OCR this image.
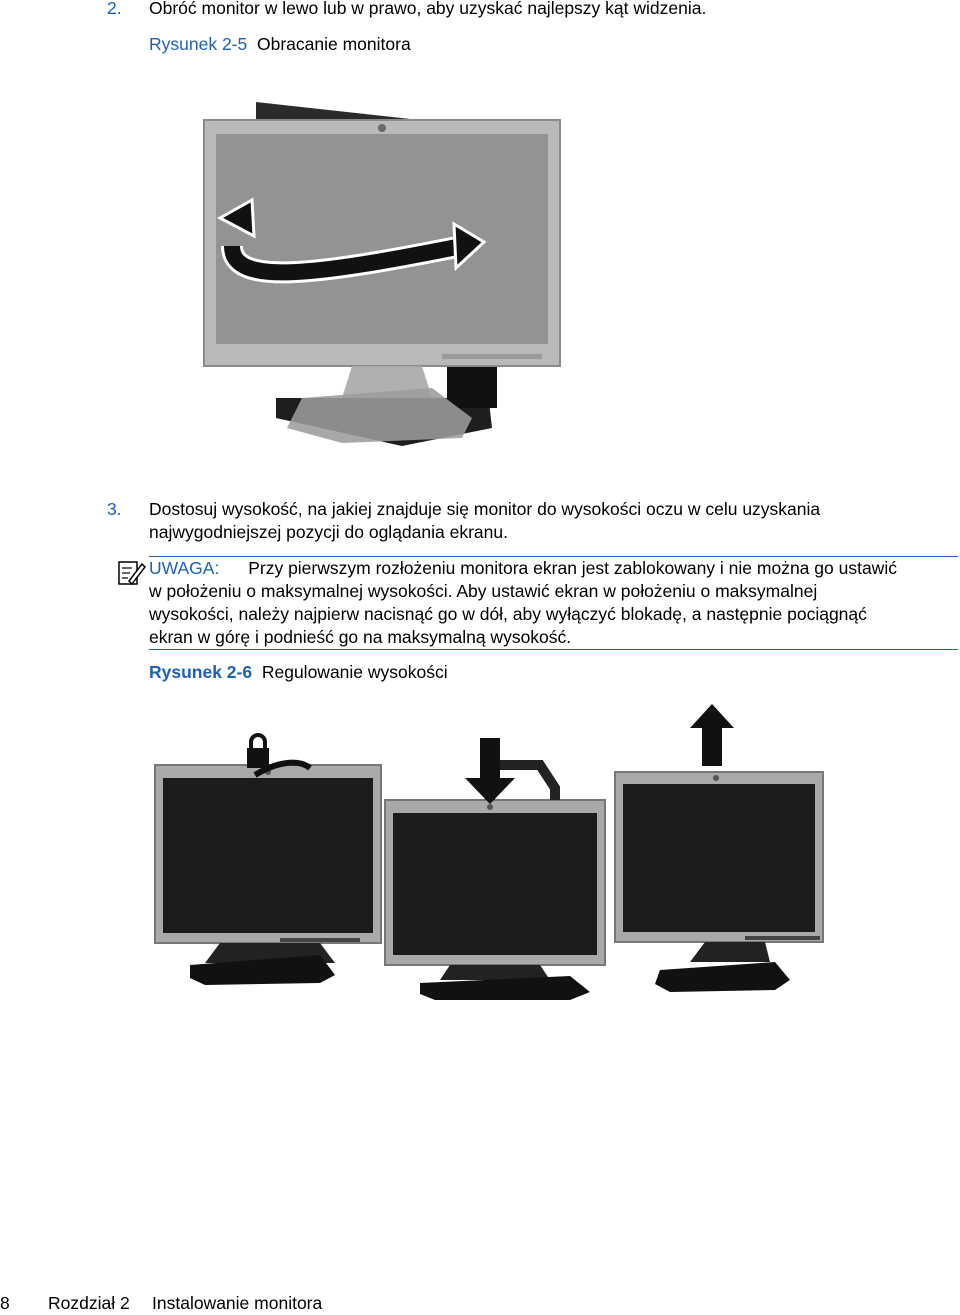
2. Obróć monitor w lewo lub w prawo, aby uzyskać najlepszy kąt widzenia.
Rysunek 2-5 Obracanie monitora
3. Dostosuj wysokość, na jakiej znajduje się monitor do wysokości oczu w celu uzyskania
najwygodniejszej pozycji do oglądania ekranu.
UWAGA: Przy pierwszym rozłożeniu monitora ekran jest zablokowany i nie można go ustawić
w położeniu o maksymalnej wysokości. Aby ustawić ekran w położeniu o maksymalnej
wysokości, należy najpierw nacisnąć go w dół, aby wyłączyć blokadę, a następnie pociągnąć
ekran w górę i podnieść go na maksymalną wysokość.
Rysunek 2-6 Regulowanie wysokości
8 Rozdział 2 Instalowanie monitora
